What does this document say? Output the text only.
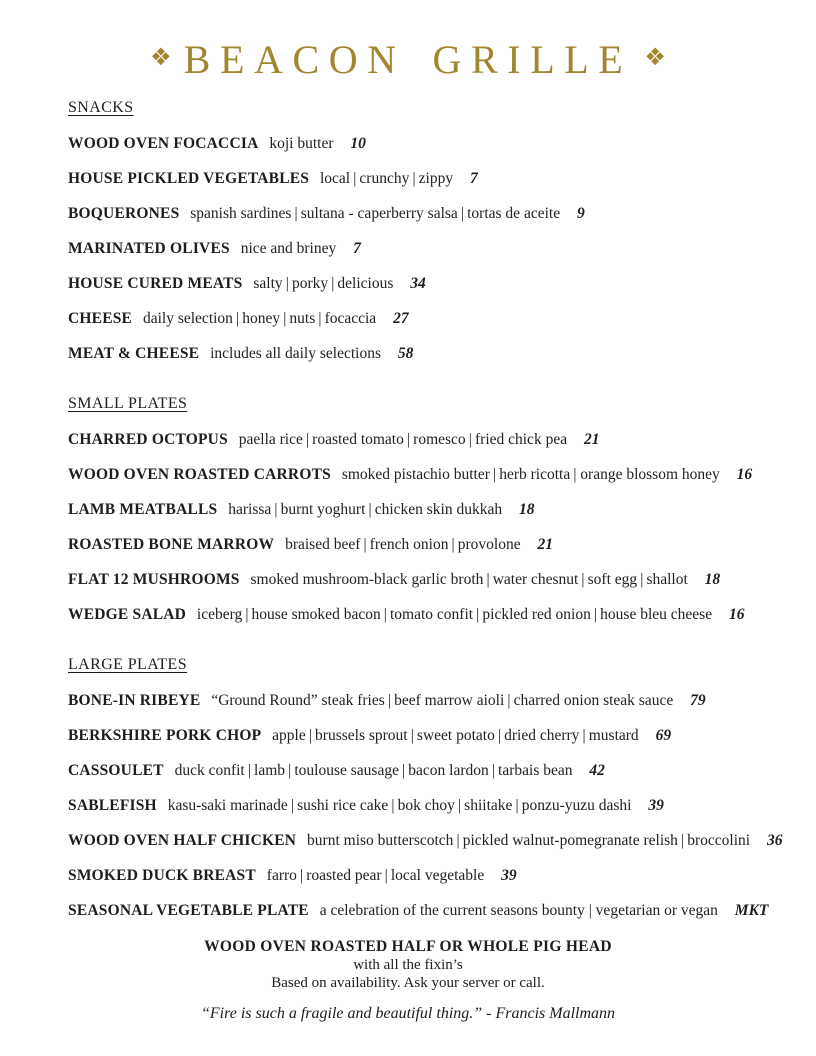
❖ BEACON GRILLE ❖
SNACKS
WOOD OVEN FOCACCIA koji butter 10
HOUSE PICKLED VEGETABLES local | crunchy | zippy 7
BOQUERONES spanish sardines | sultana - caperberry salsa | tortas de aceite 9
MARINATED OLIVES nice and briney 7
HOUSE CURED MEATS salty | porky | delicious 34
CHEESE daily selection | honey | nuts | focaccia 27
MEAT & CHEESE includes all daily selections 58
SMALL PLATES
CHARRED OCTOPUS paella rice | roasted tomato | romesco | fried chick pea 21
WOOD OVEN ROASTED CARROTS smoked pistachio butter | herb ricotta | orange blossom honey 16
LAMB MEATBALLS harissa | burnt yoghurt | chicken skin dukkah 18
ROASTED BONE MARROW braised beef | french onion | provolone 21
FLAT 12 MUSHROOMS smoked mushroom-black garlic broth | water chesnut | soft egg | shallot 18
WEDGE SALAD iceberg | house smoked bacon | tomato confit | pickled red onion | house bleu cheese 16
LARGE PLATES
BONE-IN RIBEYE “Ground Round” steak fries | beef marrow aioli | charred onion steak sauce 79
BERKSHIRE PORK CHOP apple | brussels sprout | sweet potato | dried cherry | mustard 69
CASSOULET duck confit | lamb | toulouse sausage | bacon lardon | tarbais bean 42
SABLEFISH kasu-saki marinade | sushi rice cake | bok choy | shiitake | ponzu-yuzu dashi 39
WOOD OVEN HALF CHICKEN burnt miso butterscotch | pickled walnut-pomegranate relish | broccolini 36
SMOKED DUCK BREAST farro | roasted pear | local vegetable 39
SEASONAL VEGETABLE PLATE a celebration of the current seasons bounty | vegetarian or vegan MKT
WOOD OVEN ROASTED HALF OR WHOLE PIG HEAD
with all the fixin’s
Based on availability. Ask your server or call.
“Fire is such a fragile and beautiful thing.” - Francis Mallmann
